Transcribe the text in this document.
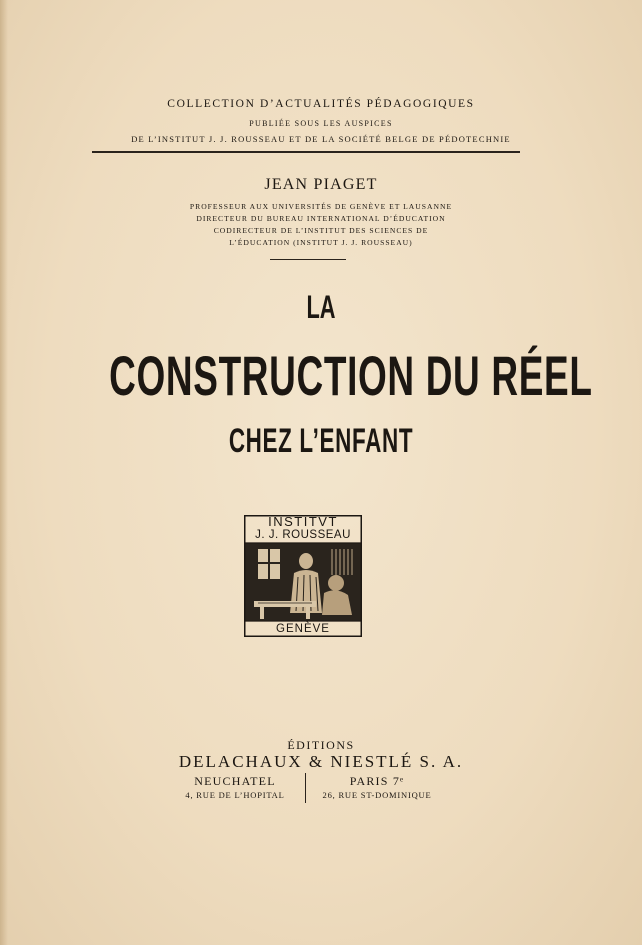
COLLECTION D’ACTUALITÉS PÉDAGOGIQUES
PUBLIÉE SOUS LES AUSPICES
DE L’INSTITUT J. J. ROUSSEAU ET DE LA SOCIÉTÉ BELGE DE PÉDOTECHNIE
JEAN PIAGET
PROFESSEUR AUX UNIVERSITÉS DE GENÈVE ET LAUSANNE
DIRECTEUR DU BUREAU INTERNATIONAL D’ÉDUCATION
CODIRECTEUR DE L’INSTITUT DES SCIENCES DE
L’ÉDUCATION (INSTITUT J. J. ROUSSEAU)
LA
CONSTRUCTION DU RÉEL
CHEZ L’ENFANT
INSTITVT
J. J. ROUSSEAU
GENÈVE
ÉDITIONS
DELACHAUX & NIESTLÉ S. A.
NEUCHATEL
4, RUE DE L’HOPITAL
PARIS 7ᵉ
26, RUE ST-DOMINIQUE
